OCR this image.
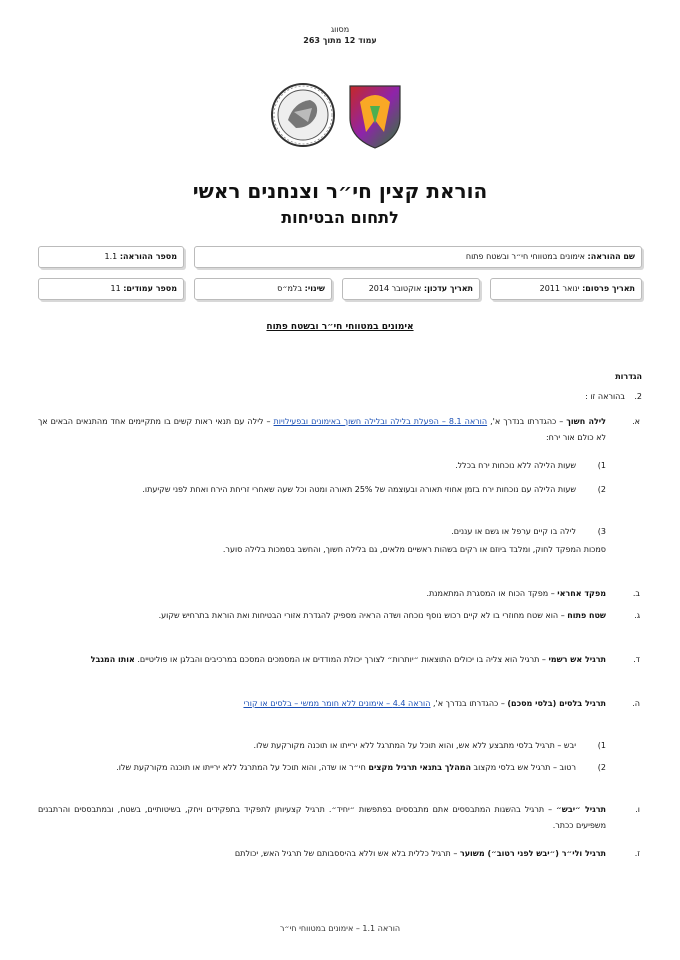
מסווג
עמוד 12 מתוך 263
הוראת קצין חי״ר וצנחנים ראשי
לתחום הבטיחות
שם ההוראה: אימונים במטווחי חי״ר ובשטח פתוח
מספר ההוראה: 1.1
תאריך פרסום: ינואר 2011
תאריך עדכון: אוקטובר 2014
שינוי: בלמ״ס
מספר עמודים: 11
אימונים במטווחי חי״ר ובשטח פתוח
הגדרות
2.
בהוראה זו :
א.
לילה חשוך – כהגדרתו בנדרך א', הוראה 8.1 – הפעלת בלילה ובלילה חשוך באימונים ובפעילויות – לילה עם תנאי ראות קשים בו מתקיימים אחד מהתנאים הבאים אך לא כולם אור ירח:
1)
שעות הלילה ללא נוכחות ירח בכלל.
2)
שעות הלילה עם נוכחות ירח בזמן אחוזי תאורה ובעוצמה של 25% תאורה ומטה וכל שעה שאחרי זריחת הירח ואחת לפני שקיעתו.
3)
לילה בו קיים ערפל או גשם או עננים.
סמכות המפקד לחוק, ומלבד ביוזם או רקים בשהות ראשיים מלאים, גם בלילה חשוך, והחשב בסמכות בלילה סוער.
ב.
מפקד אחראי – מפקד הכוח או המסגרת המתאמנת.
ג.
שטח פתוח – הוא שטח מחוזרי בו לא קיים רכוש נוסף נוכחה ושדה הראיה מספיק להגדרת אזורי הבטיחות ואת הוראת בתרחיש שקוע.
ד.
תרגיל אש רשמי – תרגיל הוא צליה בו יכולים התוצאות ״יותרות״ לצורך יכולת המודדים או המסמכים המסכם במרכיבים והבלגן או פוליטיים. אותו המגבל
ה.
תרגיל בלסים (בלסי מסכם) – כהגדרתו בנדרך א', הוראה 4.4 – אימונים ללא חומר ממשי – בלסים או קורי
1)
יבש – תרגיל בלסי מתבצע ללא אש, והוא תוכל על המתרגל ללא ירייתו או תוכנה מקורקעת שלו.
2)
רטוב – תרגיל אש בלסי מקצוב המהלך בתנאי תרגיל מקצים חי״ר או שדה, והוא תוכל על המתרגל ללא ירייתו או תוכנה מקורקעת שלו.
ו.
תרגיל ״יבש״ – תרגיל בהשגות המתבססים אתם מתבססים בפתפשות ״יחיד״. תרגיל קצעיותן לתפקיד בתפקידים ויחק, בשיטותיים, בשטח, ובמתבססים והרתבנים משפיעים ככתר.
ז.
תרגיל ולי״ר (״יבש לפני רטוב״) משוער – תרגיל כללית בלא אש וללא בהיססבותם של תרגיל האש, יכולתם
הוראה 1.1 – אימונים במטווחי חי״ר
